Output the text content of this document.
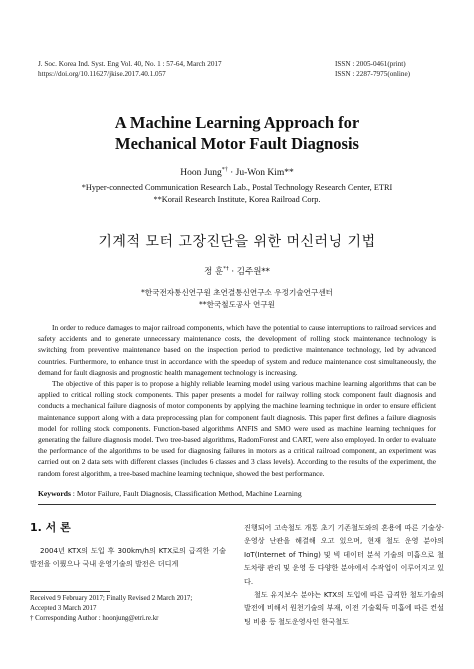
J. Soc. Korea Ind. Syst. Eng Vol. 40, No. 1 : 57-64, March 2017
https://doi.org/10.11627/jkise.2017.40.1.057
ISSN : 2005-0461(print)
ISSN : 2287-7975(online)
A Machine Learning Approach for
Mechanical Motor Fault Diagnosis
Hoon Jung*† · Ju-Won Kim**
*Hyper-connected Communication Research Lab., Postal Technology Research Center, ETRI
**Korail Research Institute, Korea Railroad Corp.
기계적 모터 고장진단을 위한 머신러닝 기법
정 훈*† · 김주원**
*한국전자통신연구원 초연결통신연구소 우정기술연구센터
**한국철도공사 연구원

In order to reduce damages to major railroad components, which have the potential to cause interruptions to railroad services and safety accidents and to generate unnecessary maintenance costs, the development of rolling stock maintenance technology is switching from preventive maintenance based on the inspection period to predictive maintenance technology, led by advanced countries. Furthermore, to enhance trust in accordance with the speedup of system and reduce maintenance cost simultaneously, the demand for fault diagnosis and prognostic health management technology is increasing.

The objective of this paper is to propose a highly reliable learning model using various machine learning algorithms that can be applied to critical rolling stock components. This paper presents a model for railway rolling stock component fault diagnosis and conducts a mechanical failure diagnosis of motor components by applying the machine learning technique in order to ensure efficient maintenance support along with a data preprocessing plan for component fault diagnosis. This paper first defines a failure diagnosis model for rolling stock components. Function-based algorithms ANFIS and SMO were used as machine learning techniques for generating the failure diagnosis model. Two tree-based algorithms, RadomForest and CART, were also employed. In order to evaluate the performance of the algorithms to be used for diagnosing failures in motors as a critical railroad component, an experiment was carried out on 2 data sets with different classes (includes 6 classes and 3 class levels). According to the results of the experiment, the random forest algorithm, a tree-based machine learning technique, showed the best performance.

Keywords : Motor Failure, Fault Diagnosis, Classification Method, Machine Learning
1. 서 론

2004년 KTX의 도입 후 300km/h의 KTX로의 급격한 기술 발전을 이뤘으나 국내 운영기술의 발전은 더디게

Received 9 February 2017; Finally Revised 2 March 2017;
Accepted 3 March 2017
† Corresponding Author : hoonjung@etri.re.kr

진행되어 고속철도 개통 초기 기존철도와의 혼용에 따른 기술상·운영상 난관을 해결해 오고 있으며, 현재 철도 운영 분야의 IoT(Internet of Thing) 및 빅 데이터 분석 기술의 미흡으로 철도차량 관리 및 운영 등 다양한 분야에서 수작업이 이루어지고 있다.

철도 유지보수 분야는 KTX의 도입에 따른 급격한 철도기술의 발전에 비해서 원천기술의 부재, 이전 기술획득 미흡에 따른 컨설팅 비용 등 철도운영사인 한국철도
